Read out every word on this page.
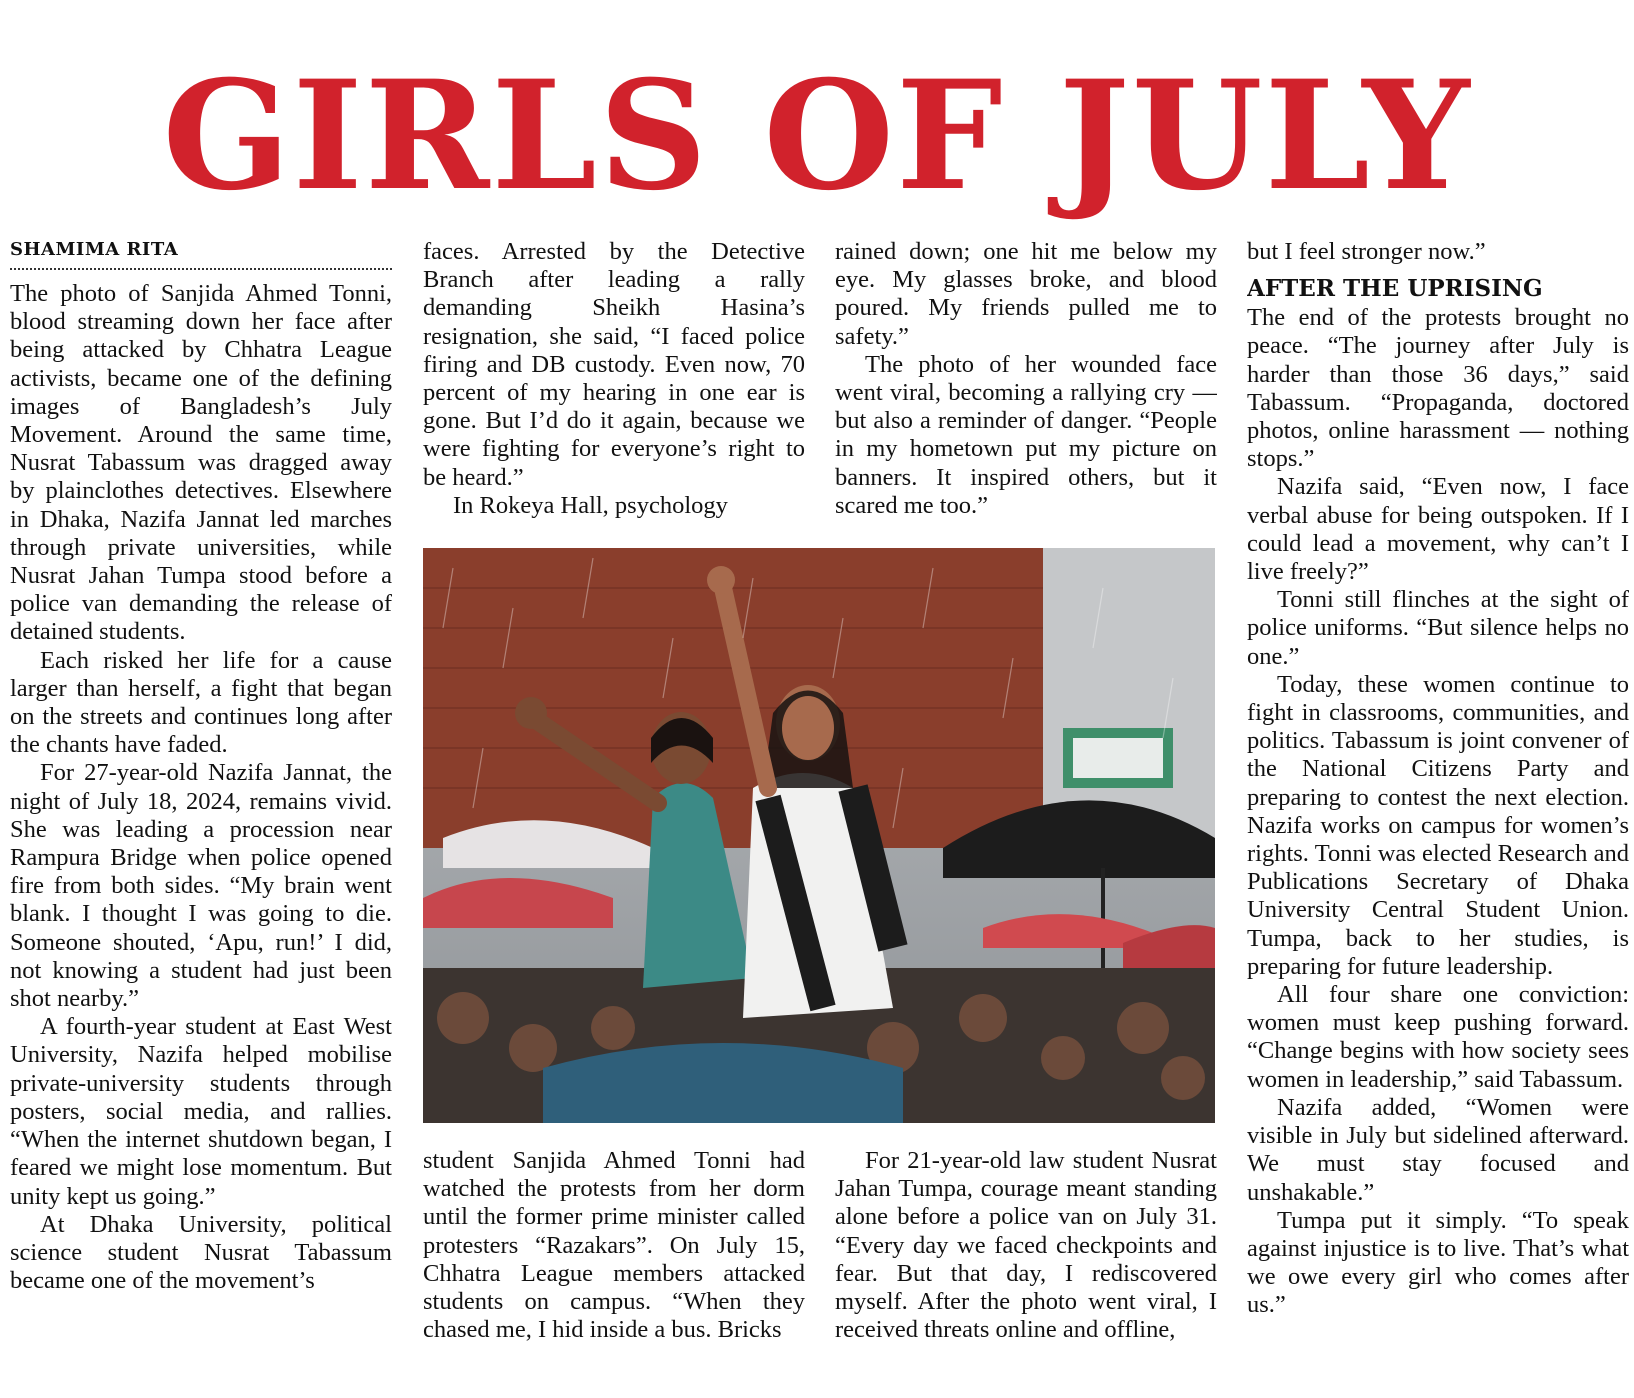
GIRLS OF JULY
SHAMIMA RITA

The photo of Sanjida Ahmed Tonni, blood streaming down her face after being attacked by Chhatra League activists, became one of the defining images of Bangladesh’s July Movement. Around the same time, Nusrat Tabassum was dragged away by plainclothes detectives. Elsewhere in Dhaka, Nazifa Jannat led marches through private universities, while Nusrat Jahan Tumpa stood before a police van demanding the release of detained students.

Each risked her life for a cause larger than herself, a fight that began on the streets and continues long after the chants have faded.

For 27-year-old Nazifa Jannat, the night of July 18, 2024, remains vivid. She was leading a procession near Rampura Bridge when police opened fire from both sides. “My brain went blank. I thought I was going to die. Someone shouted, ‘Apu, run!’ I did, not knowing a student had just been shot nearby.”

A fourth-year student at East West University, Nazifa helped mobilise private-university students through posters, social media, and rallies. “When the internet shutdown began, I feared we might lose momentum. But unity kept us going.”

At Dhaka University, political science student Nusrat Tabassum became one of the movement’s

faces. Arrested by the Detective Branch after leading a rally demanding Sheikh Hasina’s resignation, she said, “I faced police firing and DB custody. Even now, 70 percent of my hearing in one ear is gone. But I’d do it again, because we were fighting for everyone’s right to be heard.”

In Rokeya Hall, psychology

rained down; one hit me below my eye. My glasses broke, and blood poured. My friends pulled me to safety.”

The photo of her wounded face went viral, becoming a rallying cry — but also a reminder of danger. “People in my hometown put my picture on banners. It inspired others, but it scared me too.”

student Sanjida Ahmed Tonni had watched the protests from her dorm until the former prime minister called protesters “Razakars”. On July 15, Chhatra League members attacked students on campus. “When they chased me, I hid inside a bus. Bricks

For 21-year-old law student Nusrat Jahan Tumpa, courage meant standing alone before a police van on July 31. “Every day we faced checkpoints and fear. But that day, I rediscovered myself. After the photo went viral, I received threats online and offline,

but I feel stronger now.”

AFTER THE UPRISING

The end of the protests brought no peace. “The journey after July is harder than those 36 days,” said Tabassum. “Propaganda, doctored photos, online harassment — nothing stops.”

Nazifa said, “Even now, I face verbal abuse for being outspoken. If I could lead a movement, why can’t I live freely?”

Tonni still flinches at the sight of police uniforms. “But silence helps no one.”

Today, these women continue to fight in classrooms, communities, and politics. Tabassum is joint convener of the National Citizens Party and preparing to contest the next election. Nazifa works on campus for women’s rights. Tonni was elected Research and Publications Secretary of Dhaka University Central Student Union. Tumpa, back to her studies, is preparing for future leadership.

All four share one conviction: women must keep pushing forward. “Change begins with how society sees women in leadership,” said Tabassum.

Nazifa added, “Women were visible in July but sidelined afterward. We must stay focused and unshakable.”

Tumpa put it simply. “To speak against injustice is to live. That’s what we owe every girl who comes after us.”
